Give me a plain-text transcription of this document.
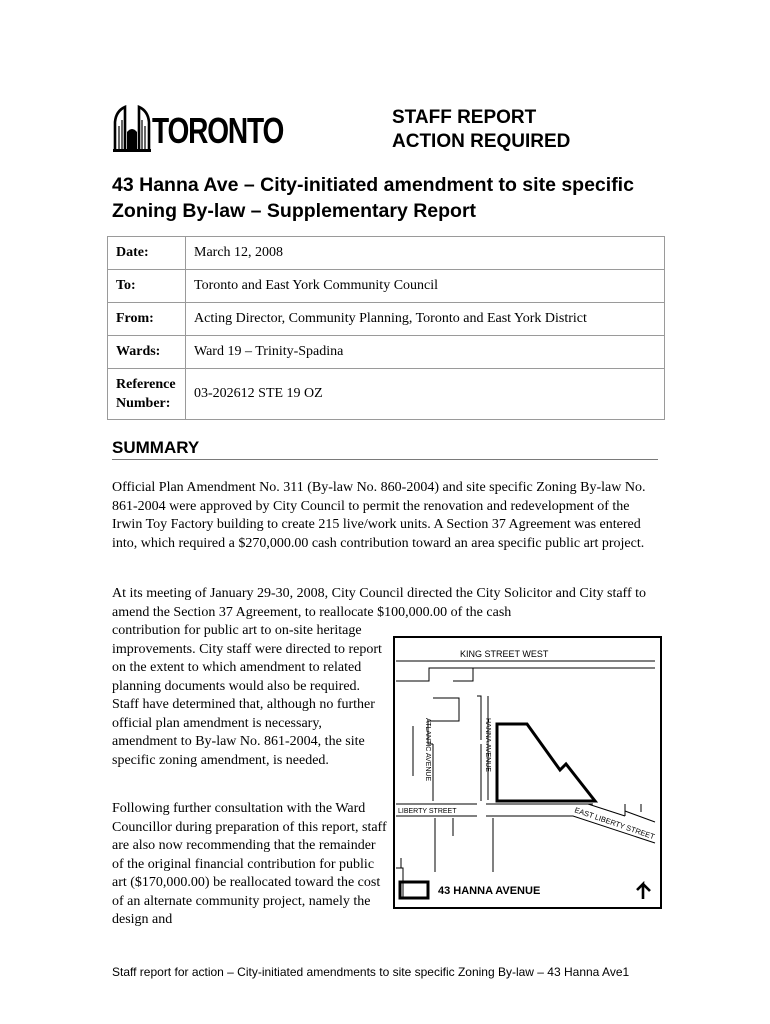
TORONTO	STAFF REPORT
ACTION REQUIRED
43 Hanna Ave – City-initiated amendment to site specific Zoning By-law – Supplementary Report
Date:	March 12, 2008
To:	Toronto and East York Community Council
From:	Acting Director, Community Planning, Toronto and East York District
Wards:	Ward 19 – Trinity-Spadina
Reference
Number:	03-202612 STE 19 OZ
SUMMARY

Official Plan Amendment No. 311 (By-law No. 860-2004) and site specific Zoning By-law No. 861-2004 were approved by City Council to permit the renovation and redevelopment of the Irwin Toy Factory building to create 215 live/work units. A Section 37 Agreement was entered into, which required a $270,000.00 cash contribution toward an area specific public art project.

At its meeting of January 29-30, 2008, City Council directed the City Solicitor and City staff to amend the Section 37 Agreement, to reallocate $100,000.00 of the cash

contribution for public art to on-site heritage improvements. City staff were directed to report on the extent to which amendment to related planning documents would also be required. Staff have determined that, although no further official plan amendment is necessary, amendment to By-law No. 861-2004, the site specific zoning amendment, is needed.

Following further consultation with the Ward Councillor during preparation of this report, staff are also now recommending that the remainder of the original financial contribution for public art ($170,000.00) be reallocated toward the cost of an alternate community project, namely the design and

KING STREET WEST
ATLANTIC AVENUE	HANNA AVENUE
LIBERTY STREET	EAST LIBERTY STREET
43 HANNA AVENUE
Staff report for action – City-initiated amendments to site specific Zoning By-law – 43 Hanna Ave1
